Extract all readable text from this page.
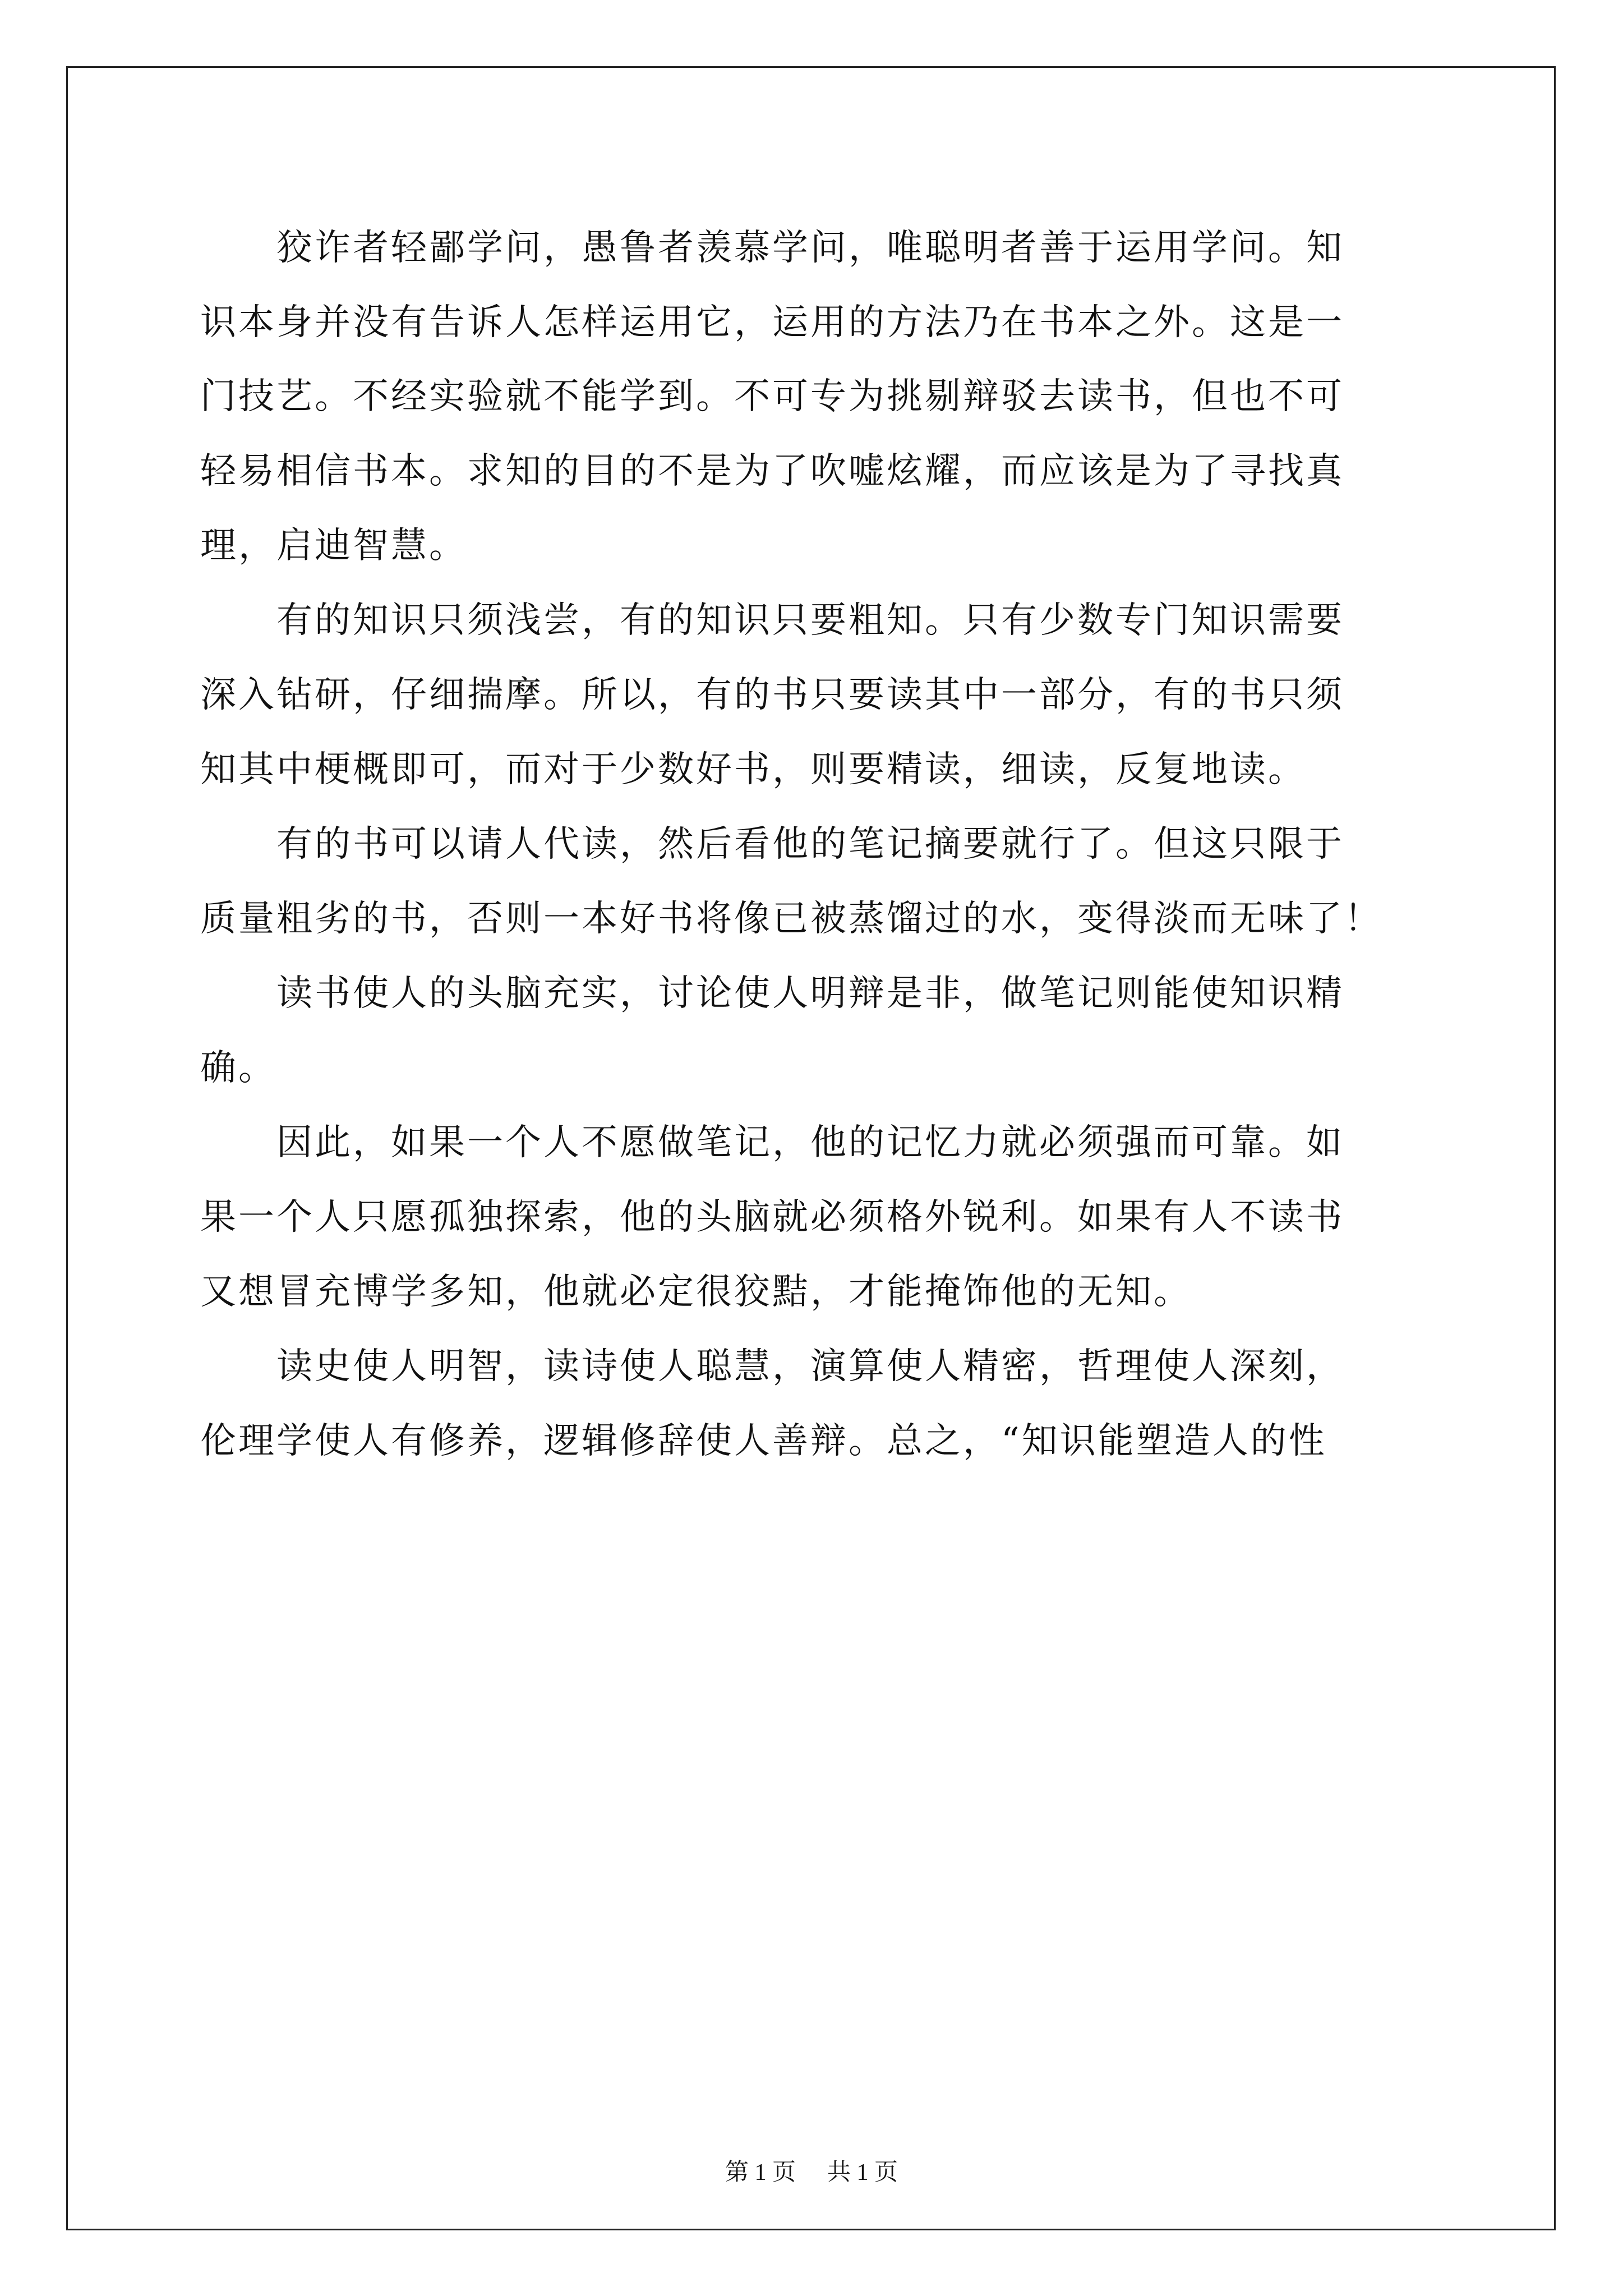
　　狡诈者轻鄙学问，愚鲁者羡慕学问，唯聪明者善于运用学问。知
识本身并没有告诉人怎样运用它，运用的方法乃在书本之外。这是一
门技艺。不经实验就不能学到。不可专为挑剔辩驳去读书，但也不可
轻易相信书本。求知的目的不是为了吹嘘炫耀，而应该是为了寻找真
理，启迪智慧。
　　有的知识只须浅尝，有的知识只要粗知。只有少数专门知识需要
深入钻研，仔细揣摩。所以，有的书只要读其中一部分，有的书只须
知其中梗概即可，而对于少数好书，则要精读，细读，反复地读。
　　有的书可以请人代读，然后看他的笔记摘要就行了。但这只限于
质量粗劣的书，否则一本好书将像已被蒸馏过的水，变得淡而无味了！
　　读书使人的头脑充实，讨论使人明辩是非，做笔记则能使知识精
确。
　　因此，如果一个人不愿做笔记，他的记忆力就必须强而可靠。如
果一个人只愿孤独探索，他的头脑就必须格外锐利。如果有人不读书
又想冒充博学多知，他就必定很狡黠，才能掩饰他的无知。
　　读史使人明智，读诗使人聪慧，演算使人精密，哲理使人深刻，
伦理学使人有修养，逻辑修辞使人善辩。总之，“知识能塑造人的性
第 1 页 共 1 页
